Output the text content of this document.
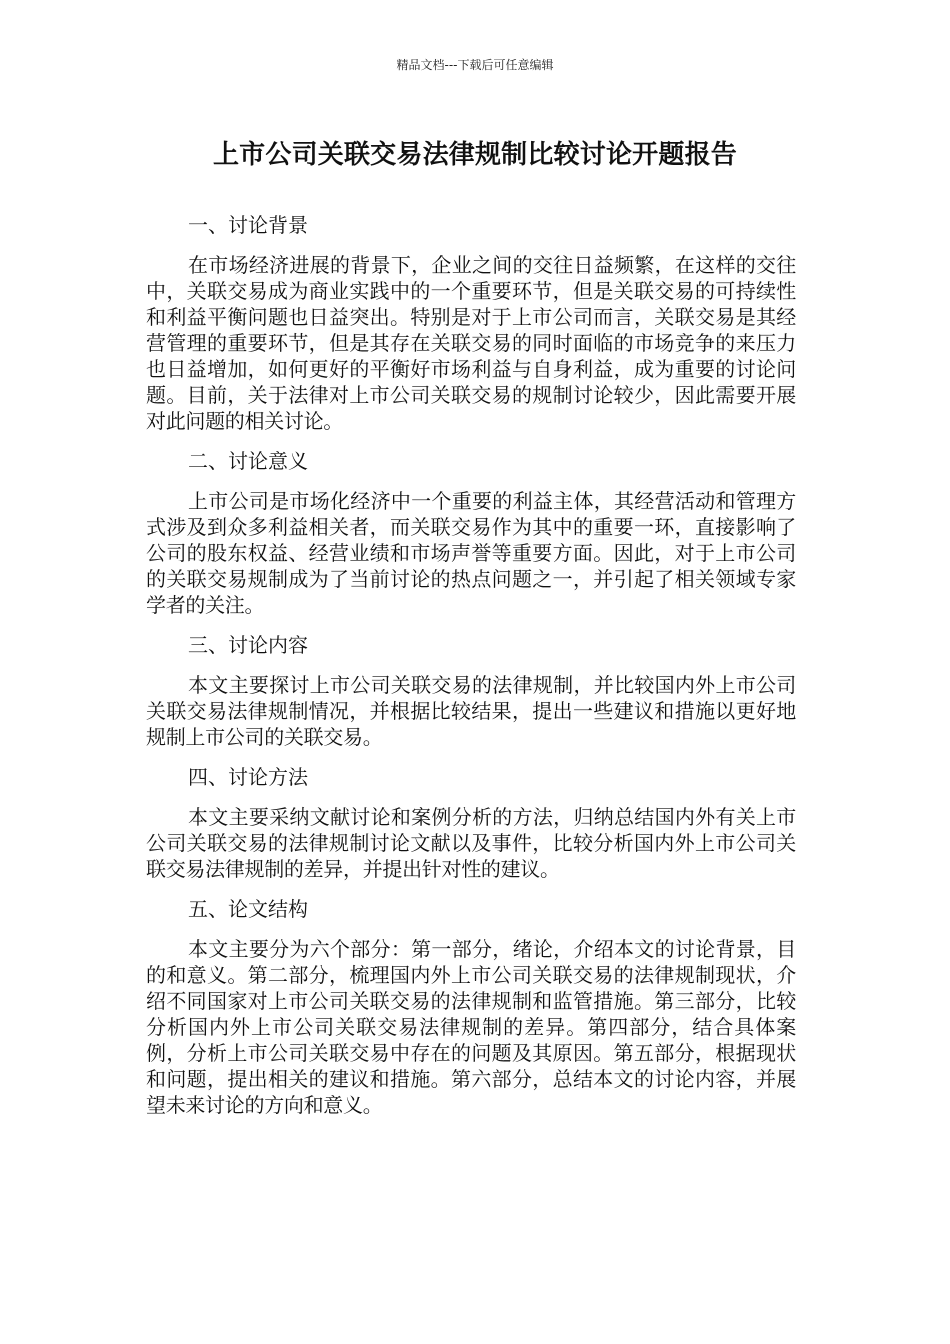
精品文档---下载后可任意编辑
上市公司关联交易法律规制比较讨论开题报告
一、讨论背景

在市场经济进展的背景下，企业之间的交往日益频繁，在这样的交往中，关联交易成为商业实践中的一个重要环节，但是关联交易的可持续性和利益平衡问题也日益突出。特别是对于上市公司而言，关联交易是其经营管理的重要环节，但是其存在关联交易的同时面临的市场竞争的来压力也日益增加，如何更好的平衡好市场利益与自身利益，成为重要的讨论问题。目前，关于法律对上市公司关联交易的规制讨论较少，因此需要开展对此问题的相关讨论。

二、讨论意义

上市公司是市场化经济中一个重要的利益主体，其经营活动和管理方式涉及到众多利益相关者，而关联交易作为其中的重要一环，直接影响了公司的股东权益、经营业绩和市场声誉等重要方面。因此，对于上市公司的关联交易规制成为了当前讨论的热点问题之一，并引起了相关领域专家学者的关注。

三、讨论内容

本文主要探讨上市公司关联交易的法律规制，并比较国内外上市公司关联交易法律规制情况，并根据比较结果，提出一些建议和措施以更好地规制上市公司的关联交易。

四、讨论方法

本文主要采纳文献讨论和案例分析的方法，归纳总结国内外有关上市公司关联交易的法律规制讨论文献以及事件，比较分析国内外上市公司关联交易法律规制的差异，并提出针对性的建议。

五、论文结构

本文主要分为六个部分：第一部分，绪论，介绍本文的讨论背景，目的和意义。第二部分，梳理国内外上市公司关联交易的法律规制现状，介绍不同国家对上市公司关联交易的法律规制和监管措施。第三部分，比较分析国内外上市公司关联交易法律规制的差异。第四部分，结合具体案例，分析上市公司关联交易中存在的问题及其原因。第五部分，根据现状和问题，提出相关的建议和措施。第六部分，总结本文的讨论内容，并展望未来讨论的方向和意义。
